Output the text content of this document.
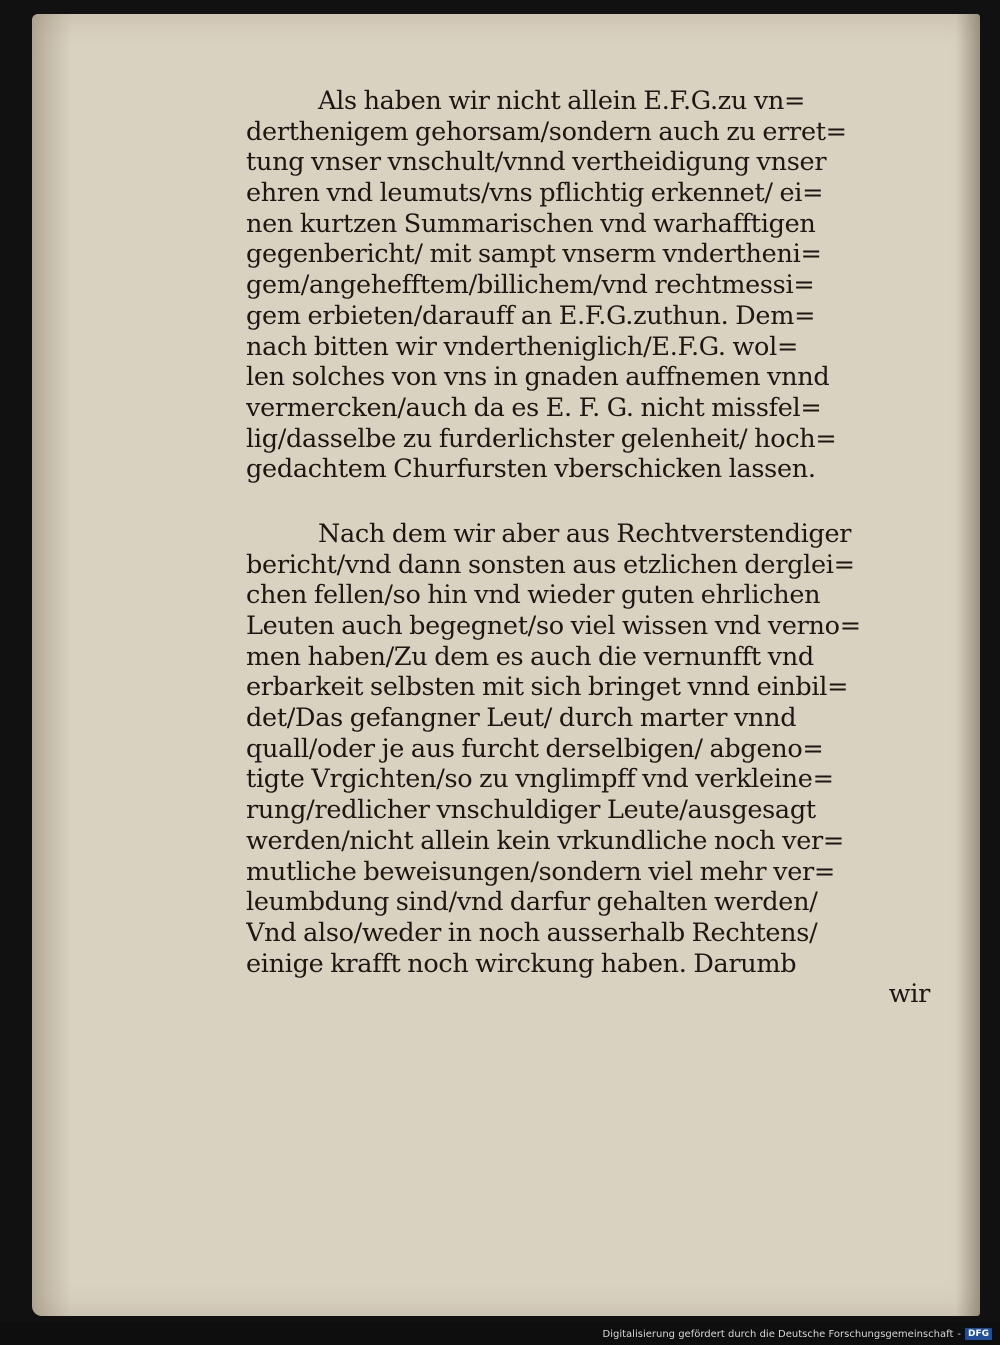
Als haben wir nicht allein E.F.G.zu vn=
derthenigem gehorsam/sondern auch zu erret=
tung vnser vnschult/vnnd vertheidigung vnser
ehren vnd leumuts/vns pflichtig erkennet/ ei=
nen kurtzen Summarischen vnd warhafftigen
gegenbericht/ mit sampt vnserm vndertheni=
gem/angehefftem/billichem/vnd rechtmessi=
gem erbieten/darauff an E.F.G.zuthun. Dem=
nach bitten wir vndertheniglich/E.F.G. wol=
len solches von vns in gnaden auffnemen vnnd
vermercken/auch da es E. F. G. nicht missfel=
lig/dasselbe zu furderlichster gelenheit/ hoch=
gedachtem Churfursten vberschicken lassen.
Nach dem wir aber aus Rechtverstendiger
bericht/vnd dann sonsten aus etzlichen derglei=
chen fellen/so hin vnd wieder guten ehrlichen
Leuten auch begegnet/so viel wissen vnd verno=
men haben/Zu dem es auch die vernunfft vnd
erbarkeit selbsten mit sich bringet vnnd einbil=
det/Das gefangner Leut/ durch marter vnnd
quall/oder je aus furcht derselbigen/ abgeno=
tigte Vrgichten/so zu vnglimpff vnd verkleine=
rung/redlicher vnschuldiger Leute/ausgesagt
werden/nicht allein kein vrkundliche noch ver=
mutliche beweisungen/sondern viel mehr ver=
leumbdung sind/vnd darfur gehalten werden/
Vnd also/weder in noch ausserhalb Rechtens/
einige krafft noch wirckung haben. Darumb
wir
Digitalisierung gefördert durch die Deutsche Forschungsgemeinschaft - DFG
